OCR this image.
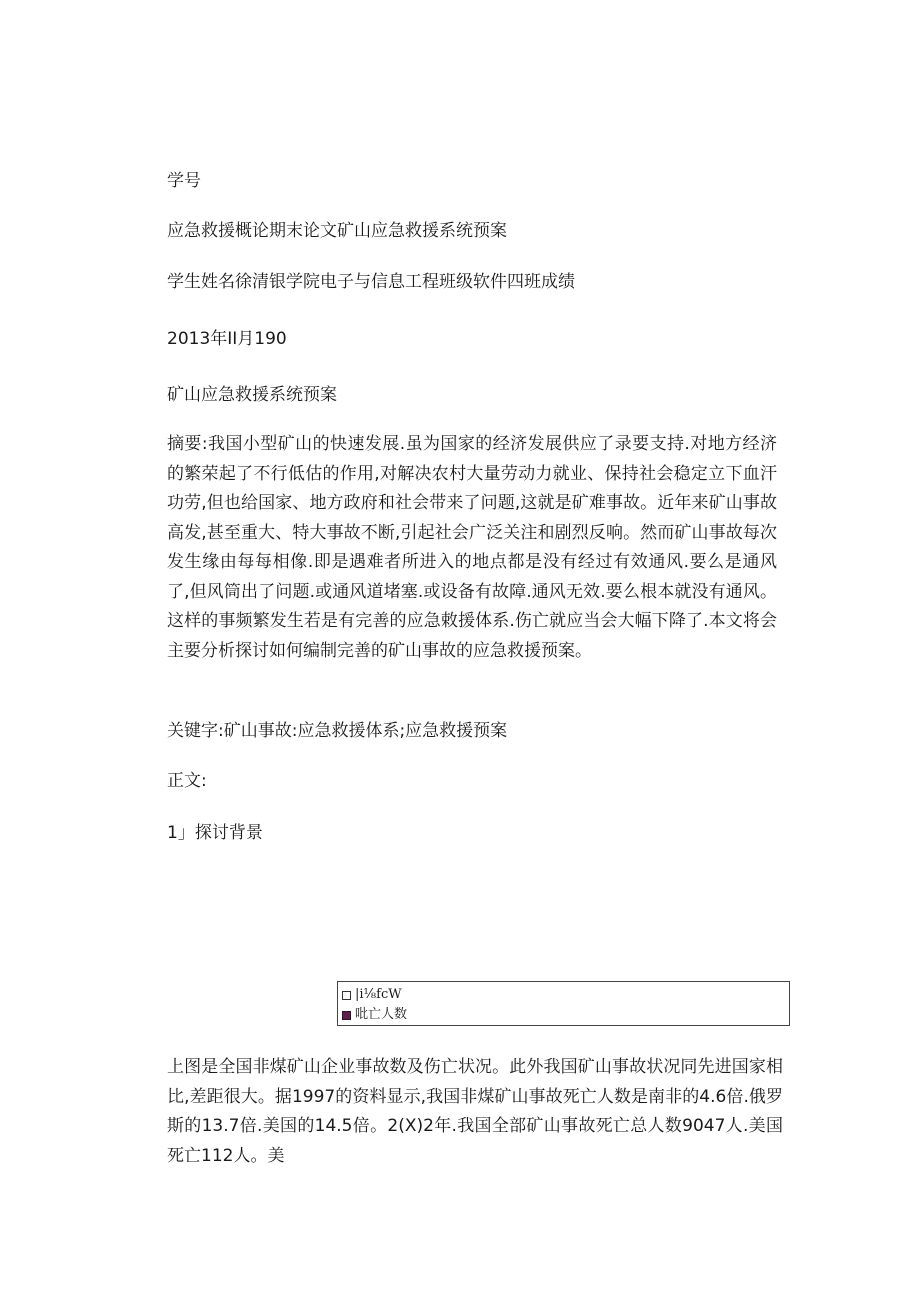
学号
应急救援概论期末论文矿山应急救援系统预案
学生姓名徐清银学院电子与信息工程班级软件四班成绩
2013年II月190
矿山应急救援系统预案
摘要:我国小型矿山的快速发展.虽为国家的经济发展供应了录要支持.对地方经济的繁荣起了不行低估的作用,对解决农村大量劳动力就业、保持社会稳定立下血汗功劳,但也给国家、地方政府和社会带来了问题,这就是矿难事故。近年来矿山事故高发,甚至重大、特大事故不断,引起社会广泛关注和剧烈反响。然而矿山事故每次发生缘由每每相像.即是遇难者所进入的地点都是没有经过有效通风.要么是通风了,但风筒出了问题.或通风道堵塞.或设备有故障.通风无效.要么根本就没有通风。这样的事频繁发生若是有完善的应急敕援体系.伤亡就应当会大幅下降了.本文将会主要分析探讨如何编制完善的矿山事故的应急救援预案。
关键字:矿山事故:应急救援体系;应急救援预案
正文:
1」探讨背景
|i⅛fcW
吡亡人数
上图是全国非煤矿山企业事故数及伤亡状况。此外我国矿山事故状况同先进国家相比,差距很大。据1997的资料显示,我国非煤矿山事故死亡人数是南非的4.6倍.俄罗斯的13.7倍.美国的14.5倍。2(X)2年.我国全部矿山事故死亡总人数9047人.美国死亡112人。美
